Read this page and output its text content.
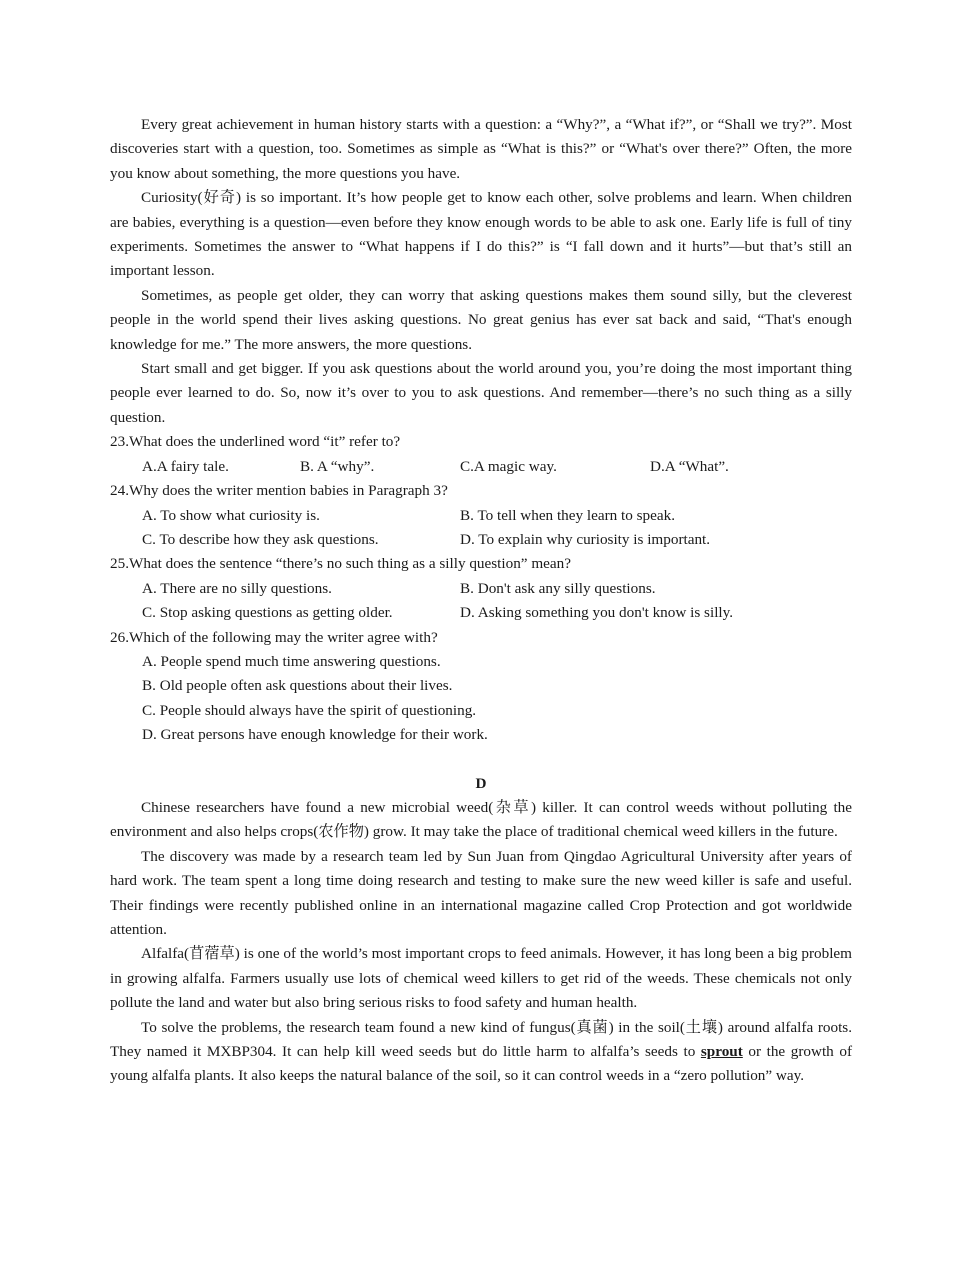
Every great achievement in human history starts with a question: a “Why?”, a “What if?”, or “Shall we try?”. Most discoveries start with a question, too. Sometimes as simple as “What is this?” or “What's over there?” Often, the more you know about something, the more questions you have.

Curiosity(好奇) is so important. It’s how people get to know each other, solve problems and learn. When children are babies, everything is a question—even before they know enough words to be able to ask one. Early life is full of tiny experiments. Sometimes the answer to “What happens if I do this?” is “I fall down and it hurts”—but that’s still an important lesson.

Sometimes, as people get older, they can worry that asking questions makes them sound silly, but the cleverest people in the world spend their lives asking questions. No great genius has ever sat back and said, “That's enough knowledge for me.” The more answers, the more questions.

Start small and get bigger. If you ask questions about the world around you, you’re doing the most important thing people ever learned to do. So, now it’s over to you to ask questions. And remember—there’s no such thing as a silly question.

23.What does the underlined word “it” refer to?

A.A fairy tale.	B. A “why”.	C.A magic way.	D.A “What”.

24.Why does the writer mention babies in Paragraph 3?

A. To show what curiosity is.	B. To tell when they learn to speak.
C. To describe how they ask questions.	D. To explain why curiosity is important.

25.What does the sentence “there’s no such thing as a silly question” mean?

A. There are no silly questions.	B. Don't ask any silly questions.
C. Stop asking questions as getting older.	D. Asking something you don't know is silly.

26.Which of the following may the writer agree with?

A. People spend much time answering questions.

B. Old people often ask questions about their lives.

C. People should always have the spirit of questioning.

D. Great persons have enough knowledge for their work.

D

Chinese researchers have found a new microbial weed(杂草) killer. It can control weeds without polluting the environment and also helps crops(农作物) grow. It may take the place of traditional chemical weed killers in the future.

The discovery was made by a research team led by Sun Juan from Qingdao Agricultural University after years of hard work. The team spent a long time doing research and testing to make sure the new weed killer is safe and useful. Their findings were recently published online in an international magazine called Crop Protection and got worldwide attention.

Alfalfa(苜蓿草) is one of the world’s most important crops to feed animals. However, it has long been a big problem in growing alfalfa. Farmers usually use lots of chemical weed killers to get rid of the weeds. These chemicals not only pollute the land and water but also bring serious risks to food safety and human health.

To solve the problems, the research team found a new kind of fungus(真菌) in the soil(土壤) around alfalfa roots. They named it MXBP304. It can help kill weed seeds but do little harm to alfalfa’s seeds to sprout or the growth of young alfalfa plants. It also keeps the natural balance of the soil, so it can control weeds in a “zero pollution” way.
